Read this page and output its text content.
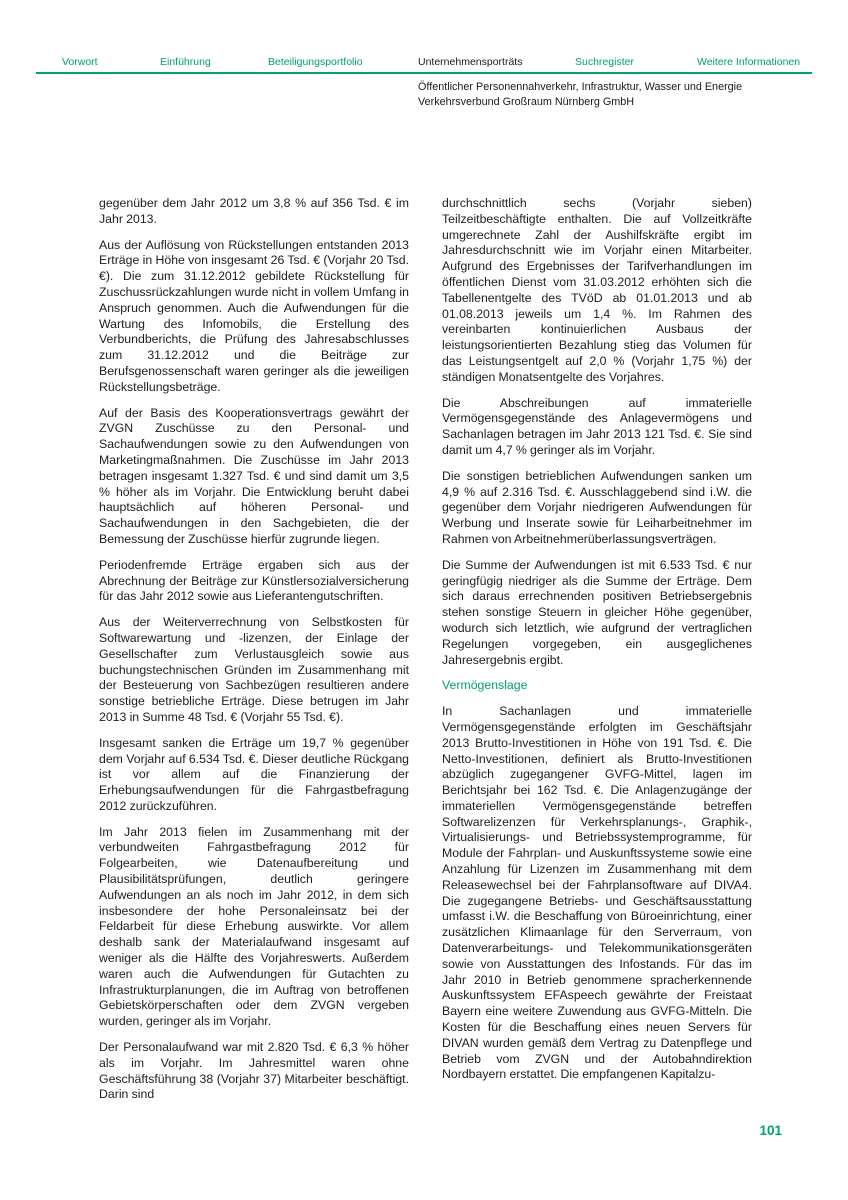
Vorwort	Einführung	Beteiligungsportfolio	Unternehmensporträts	Suchregister	Weitere Informationen
Öffentlicher Personennahverkehr, Infrastruktur, Wasser und Energie
Verkehrsverbund Großraum Nürnberg GmbH

gegenüber dem Jahr 2012 um 3,8 % auf 356 Tsd. € im Jahr 2013.

Aus der Auflösung von Rückstellungen entstanden 2013 Erträge in Höhe von insgesamt 26 Tsd. € (Vorjahr 20 Tsd. €). Die zum 31.12.2012 gebildete Rückstellung für Zuschussrückzahlungen wurde nicht in vollem Umfang in Anspruch genommen. Auch die Aufwendungen für die Wartung des Infomobils, die Erstellung des Verbundberichts, die Prüfung des Jahresabschlusses zum 31.12.2012 und die Beiträge zur Berufsgenossenschaft waren geringer als die jeweiligen Rückstellungsbeträge.

Auf der Basis des Kooperationsvertrags gewährt der ZVGN Zuschüsse zu den Personal- und Sachaufwendungen sowie zu den Aufwendungen von Marketingmaßnahmen. Die Zuschüsse im Jahr 2013 betragen insgesamt 1.327 Tsd. € und sind damit um 3,5 % höher als im Vorjahr. Die Entwicklung beruht dabei hauptsächlich auf höheren Personal- und Sachaufwendungen in den Sachgebieten, die der Bemessung der Zuschüsse hierfür zugrunde liegen.

Periodenfremde Erträge ergaben sich aus der Abrechnung der Beiträge zur Künstlersozialversicherung für das Jahr 2012 sowie aus Lieferantengutschriften.

Aus der Weiterverrechnung von Selbstkosten für Softwarewartung und -lizenzen, der Einlage der Gesellschafter zum Verlustausgleich sowie aus buchungstechnischen Gründen im Zusammenhang mit der Besteuerung von Sachbezügen resultieren andere sonstige betriebliche Erträge. Diese betrugen im Jahr 2013 in Summe 48 Tsd. € (Vorjahr 55 Tsd. €).

Insgesamt sanken die Erträge um 19,7 % gegenüber dem Vorjahr auf 6.534 Tsd. €. Dieser deutliche Rückgang ist vor allem auf die Finanzierung der Erhebungsaufwendungen für die Fahrgastbefragung 2012 zurückzuführen.

Im Jahr 2013 fielen im Zusammenhang mit der verbundweiten Fahrgastbefragung 2012 für Folgearbeiten, wie Datenaufbereitung und Plausibilitätsprüfungen, deutlich geringere Aufwendungen an als noch im Jahr 2012, in dem sich insbesondere der hohe Personaleinsatz bei der Feldarbeit für diese Erhebung auswirkte. Vor allem deshalb sank der Materialaufwand insgesamt auf weniger als die Hälfte des Vorjahreswerts. Außerdem waren auch die Aufwendungen für Gutachten zu Infrastrukturplanungen, die im Auftrag von betroffenen Gebietskörperschaften oder dem ZVGN vergeben wurden, geringer als im Vorjahr.

Der Personalaufwand war mit 2.820 Tsd. € 6,3 % höher als im Vorjahr. Im Jahresmittel waren ohne Geschäftsführung 38 (Vorjahr 37) Mitarbeiter beschäftigt. Darin sind

durchschnittlich sechs (Vorjahr sieben) Teilzeitbeschäftigte enthalten. Die auf Vollzeitkräfte umgerechnete Zahl der Aushilfskräfte ergibt im Jahresdurchschnitt wie im Vorjahr einen Mitarbeiter. Aufgrund des Ergebnisses der Tarifverhandlungen im öffentlichen Dienst vom 31.03.2012 erhöhten sich die Tabellenentgelte des TVöD ab 01.01.2013 und ab 01.08.2013 jeweils um 1,4 %. Im Rahmen des vereinbarten kontinuierlichen Ausbaus der leistungsorientierten Bezahlung stieg das Volumen für das Leistungsentgelt auf 2,0 % (Vorjahr 1,75 %) der ständigen Monatsentgelte des Vorjahres.

Die Abschreibungen auf immaterielle Vermögensgegenstände des Anlagevermögens und Sachanlagen betragen im Jahr 2013 121 Tsd. €. Sie sind damit um 4,7 % geringer als im Vorjahr.

Die sonstigen betrieblichen Aufwendungen sanken um 4,9 % auf 2.316 Tsd. €. Ausschlaggebend sind i.W. die gegenüber dem Vorjahr niedrigeren Aufwendungen für Werbung und Inserate sowie für Leiharbeitnehmer im Rahmen von Arbeitnehmerüberlassungsverträgen.

Die Summe der Aufwendungen ist mit 6.533 Tsd. € nur geringfügig niedriger als die Summe der Erträge. Dem sich daraus errechnenden positiven Betriebsergebnis stehen sonstige Steuern in gleicher Höhe gegenüber, wodurch sich letztlich, wie aufgrund der vertraglichen Regelungen vorgegeben, ein ausgeglichenes Jahresergebnis ergibt.

Vermögenslage

In Sachanlagen und immaterielle Vermögensgegenstände erfolgten im Geschäftsjahr 2013 Brutto-Investitionen in Höhe von 191 Tsd. €. Die Netto-Investitionen, definiert als Brutto-Investitionen abzüglich zugegangener GVFG-Mittel, lagen im Berichtsjahr bei 162 Tsd. €. Die Anlagenzugänge der immateriellen Vermögensgegenstände betreffen Softwarelizenzen für Verkehrsplanungs-, Graphik-, Virtualisierungs- und Betriebssystemprogramme, für Module der Fahrplan- und Auskunftssysteme sowie eine Anzahlung für Lizenzen im Zusammenhang mit dem Releasewechsel bei der Fahrplansoftware auf DIVA4. Die zugegangene Betriebs- und Geschäftsausstattung umfasst i.W. die Beschaffung von Büroeinrichtung, einer zusätzlichen Klimaanlage für den Serverraum, von Datenverarbeitungs- und Telekommunikationsgeräten sowie von Ausstattungen des Infostands. Für das im Jahr 2010 in Betrieb genommene spracherkennende Auskunftssystem EFAspeech gewährte der Freistaat Bayern eine weitere Zuwendung aus GVFG-Mitteln. Die Kosten für die Beschaffung eines neuen Servers für DIVAN wurden gemäß dem Vertrag zu Datenpflege und Betrieb vom ZVGN und der Autobahndirektion Nordbayern erstattet. Die empfangenen Kapitalzu-

101
